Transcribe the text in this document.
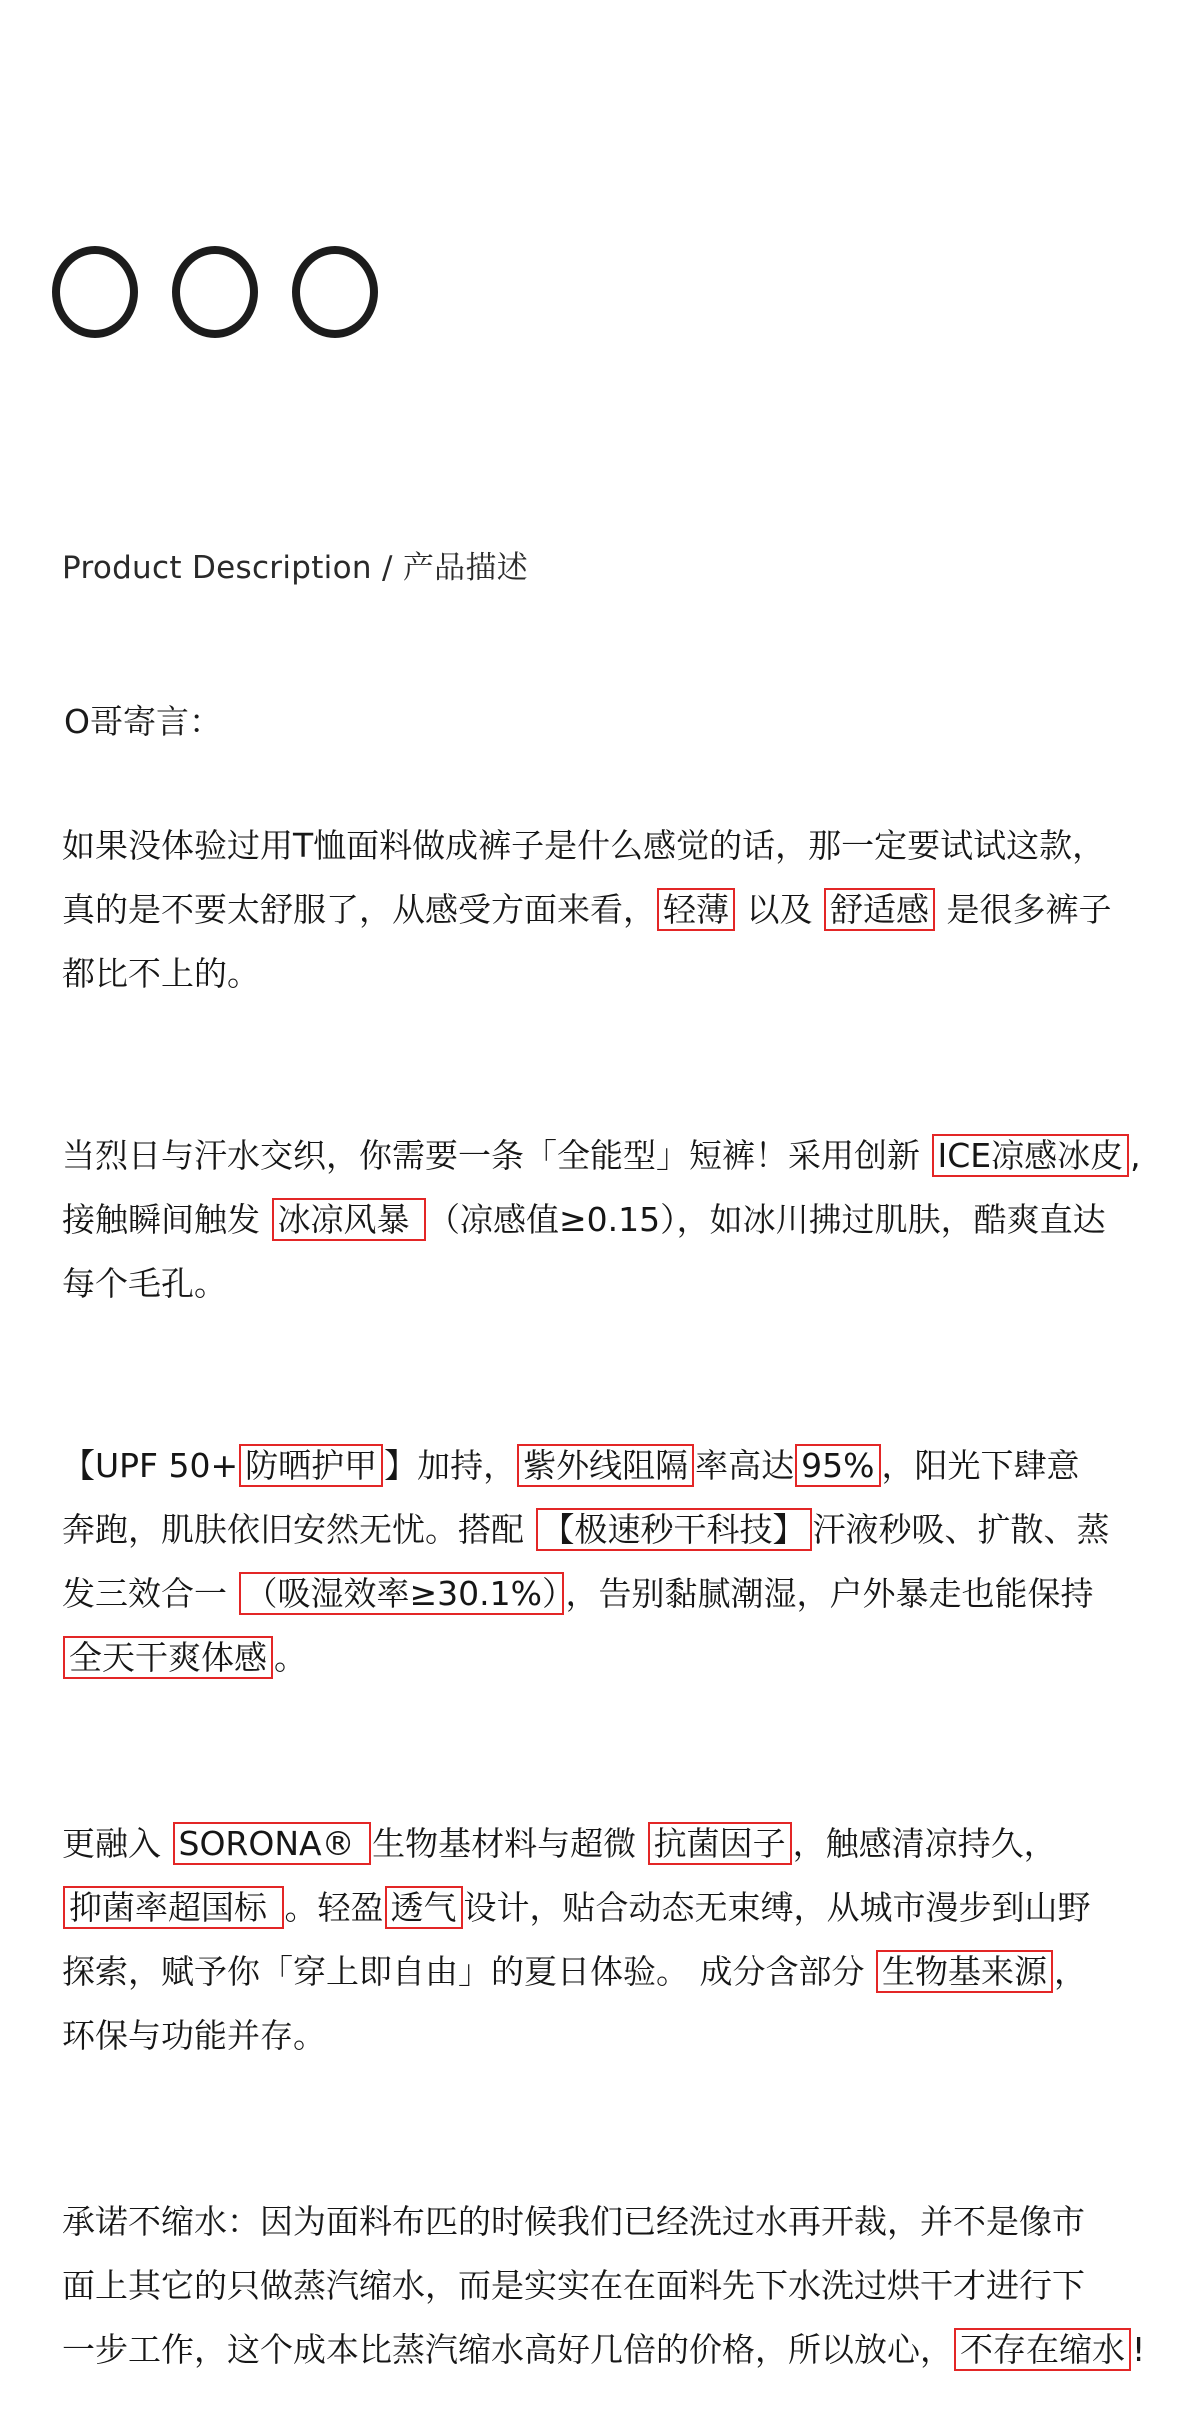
Product Description / 产品描述
O哥寄言：
如果没体验过用T恤面料做成裤子是什么感觉的话，那一定要试试这款，
真的是不要太舒服了，从感受方面来看， 轻薄 以及 舒适感 是很多裤子
都比不上的。
当烈日与汗水交织，你需要一条「全能型」短裤！采用创新 ICE凉感冰皮 ,
接触瞬间触发 冰凉风暴 （凉感值≥0.15），如冰川拂过肌肤，酷爽直达
每个毛孔。
【UPF 50+ 防晒护甲 】加持， 紫外线阻隔 率高达 95% ，阳光下肆意
奔跑，肌肤依旧安然无忧。搭配 【极速秒干科技】 汗液秒吸、扩散、蒸
发三效合一 （吸湿效率≥30.1%） ，告别黏腻潮湿，户外暴走也能保持
全天干爽体感 。
更融入 SORONA® 生物基材料与超微 抗菌因子 ，触感清凉持久，
抑菌率超国标 。轻盈 透气 设计，贴合动态无束缚，从城市漫步到山野
探索，赋予你「穿上即自由」的夏日体验。 成分含部分 生物基来源 ，
环保与功能并存。
承诺不缩水：因为面料布匹的时候我们已经洗过水再开裁，并不是像市
面上其它的只做蒸汽缩水，而是实实在在面料先下水洗过烘干才进行下
一步工作，这个成本比蒸汽缩水高好几倍的价格，所以放心， 不存在缩水 !
